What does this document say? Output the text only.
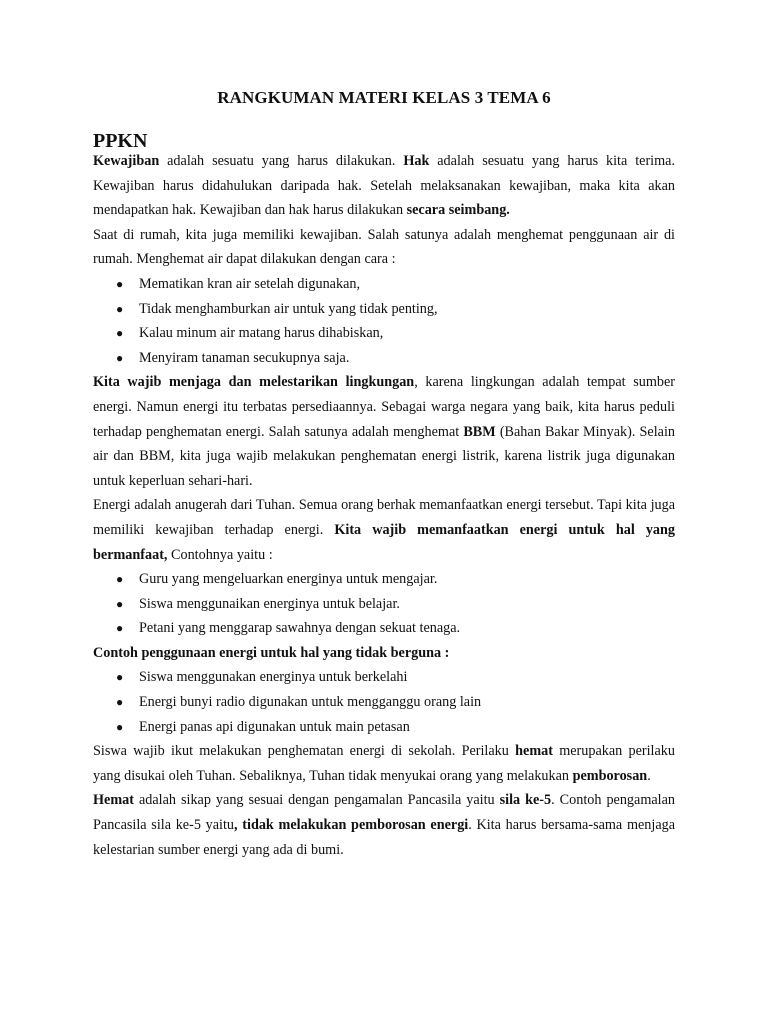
RANGKUMAN MATERI KELAS 3 TEMA 6
PPKN

Kewajiban adalah sesuatu yang harus dilakukan. Hak adalah sesuatu yang harus kita terima. Kewajiban harus didahulukan daripada hak. Setelah melaksanakan kewajiban, maka kita akan mendapatkan hak. Kewajiban dan hak harus dilakukan secara seimbang.

Saat di rumah, kita juga memiliki kewajiban. Salah satunya adalah menghemat penggunaan air di rumah. Menghemat air dapat dilakukan dengan cara :

● Mematikan kran air setelah digunakan,
● Tidak menghamburkan air untuk yang tidak penting,
● Kalau minum air matang harus dihabiskan,
● Menyiram tanaman secukupnya saja.

Kita wajib menjaga dan melestarikan lingkungan, karena lingkungan adalah tempat sumber energi. Namun energi itu terbatas persediaannya. Sebagai warga negara yang baik, kita harus peduli terhadap penghematan energi. Salah satunya adalah menghemat BBM (Bahan Bakar Minyak). Selain air dan BBM, kita juga wajib melakukan penghematan energi listrik, karena listrik juga digunakan untuk keperluan sehari-hari.

Energi adalah anugerah dari Tuhan. Semua orang berhak memanfaatkan energi tersebut. Tapi kita juga memiliki kewajiban terhadap energi. Kita wajib memanfaatkan energi untuk hal yang bermanfaat, Contohnya yaitu :

● Guru yang mengeluarkan energinya untuk mengajar.
● Siswa menggunaikan energinya untuk belajar.
● Petani yang menggarap sawahnya dengan sekuat tenaga.

Contoh penggunaan energi untuk hal yang tidak berguna :

● Siswa menggunakan energinya untuk berkelahi
● Energi bunyi radio digunakan untuk mengganggu orang lain
● Energi panas api digunakan untuk main petasan

Siswa wajib ikut melakukan penghematan energi di sekolah. Perilaku hemat merupakan perilaku yang disukai oleh Tuhan. Sebaliknya, Tuhan tidak menyukai orang yang melakukan pemborosan.

Hemat adalah sikap yang sesuai dengan pengamalan Pancasila yaitu sila ke-5. Contoh pengamalan Pancasila sila ke-5 yaitu, tidak melakukan pemborosan energi. Kita harus bersama-sama menjaga kelestarian sumber energi yang ada di bumi.
